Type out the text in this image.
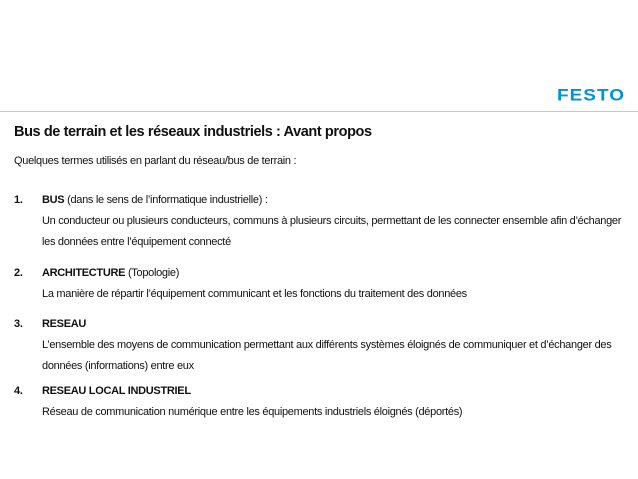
FESTO
Bus de terrain et les réseaux industriels : Avant propos
Quelques termes utilisés en parlant du réseau/bus de terrain :
1. BUS (dans le sens de l’informatique industrielle) :
Un conducteur ou plusieurs conducteurs, communs à plusieurs circuits, permettant de les connecter ensemble afin d’échanger les données entre l’équipement connecté
2. ARCHITECTURE (Topologie)
La manière de répartir l’équipement communicant et les fonctions du traitement des données
3. RESEAU
L’ensemble des moyens de communication permettant aux différents systèmes éloignés de communiquer et d’échanger des données (informations) entre eux
4. RESEAU LOCAL INDUSTRIEL
Réseau de communication numérique entre les équipements industriels éloignés (déportés)
